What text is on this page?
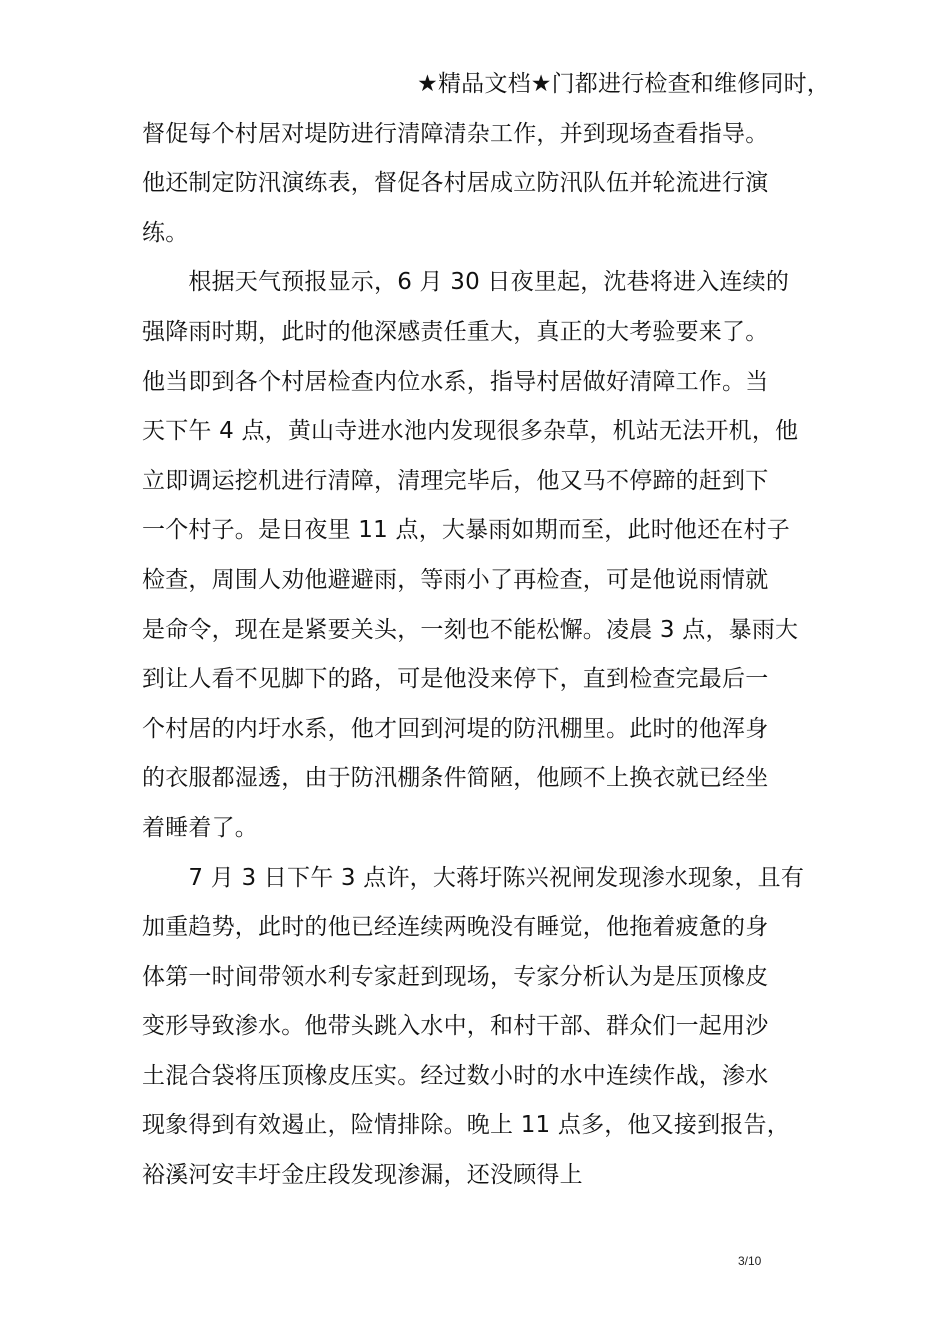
★精品文档★门都进行检查和维修同时，
督促每个村居对堤防进行清障清杂工作，并到现场查看指导。
他还制定防汛演练表，督促各村居成立防汛队伍并轮流进行演
练。
　　根据天气预报显示，6 月 30 日夜里起，沈巷将进入连续的
强降雨时期，此时的他深感责任重大，真正的大考验要来了。
他当即到各个村居检查内位水系，指导村居做好清障工作。当
天下午 4 点，黄山寺进水池内发现很多杂草，机站无法开机，他
立即调运挖机进行清障，清理完毕后，他又马不停蹄的赶到下
一个村子。是日夜里 11 点，大暴雨如期而至，此时他还在村子
检查，周围人劝他避避雨，等雨小了再检查，可是他说雨情就
是命令，现在是紧要关头，一刻也不能松懈。凌晨 3 点，暴雨大
到让人看不见脚下的路，可是他没来停下，直到检查完最后一
个村居的内圩水系，他才回到河堤的防汛棚里。此时的他浑身
的衣服都湿透，由于防汛棚条件简陋，他顾不上换衣就已经坐
着睡着了。
　　7 月 3 日下午 3 点许，大蒋圩陈兴祝闸发现渗水现象，且有
加重趋势，此时的他已经连续两晚没有睡觉，他拖着疲惫的身
体第一时间带领水利专家赶到现场，专家分析认为是压顶橡皮
变形导致渗水。他带头跳入水中，和村干部、群众们一起用沙
土混合袋将压顶橡皮压实。经过数小时的水中连续作战，渗水
现象得到有效遏止，险情排除。晚上 11 点多，他又接到报告，
裕溪河安丰圩金庄段发现渗漏，还没顾得上
3/10
